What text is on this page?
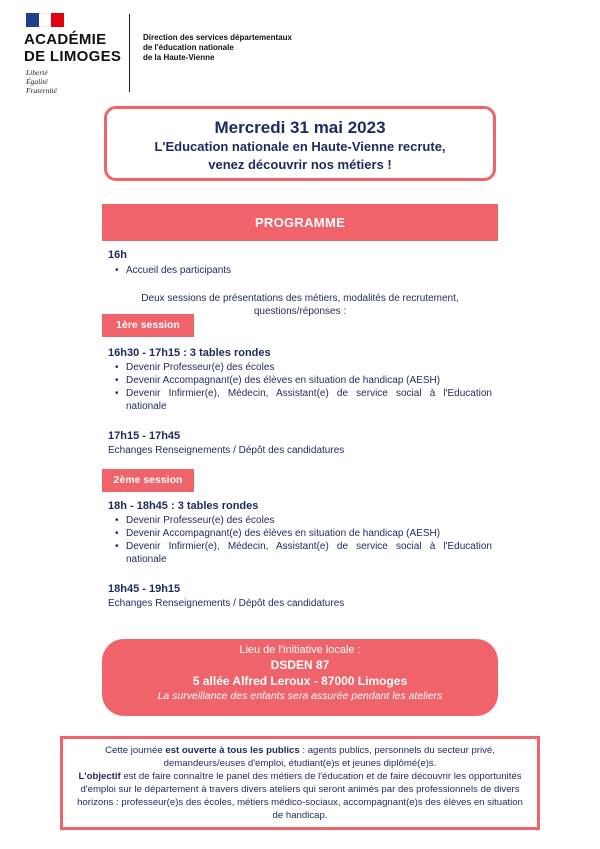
ACADÉMIE
DE LIMOGES
Liberté
Égalité
Fraternité
Direction des services départementaux
de l'éducation nationale
de la Haute-Vienne
Mercredi 31 mai 2023
L'Education nationale en Haute-Vienne recrute,
venez découvrir nos métiers !
PROGRAMME
16h
• Accueil des participants
Deux sessions de présentations des métiers, modalités de recrutement, questions/réponses :
1ère session
16h30 - 17h15 : 3 tables rondes
• Devenir Professeur(e) des écoles
• Devenir Accompagnant(e) des élèves en situation de handicap (AESH)
• Devenir Infirmier(e), Médecin, Assistant(e) de service social à l'Education nationale
17h15 - 17h45
Echanges Renseignements / Dépôt des candidatures
2ème session
18h - 18h45 : 3 tables rondes
• Devenir Professeur(e) des écoles
• Devenir Accompagnant(e) des élèves en situation de handicap (AESH)
• Devenir Infirmier(e), Médecin, Assistant(e) de service social à l'Education nationale
18h45 - 19h15
Echanges Renseignements / Dépôt des candidatures
Lieu de l'initiative locale :
DSDEN 87
5 allée Alfred Leroux - 87000 Limoges
La surveillance des enfants sera assurée pendant les ateliers
Cette journée est ouverte à tous les publics : agents publics, personnels du secteur privé, demandeurs/euses d'emploi, étudiant(e)s et jeunes diplômé(e)s.
L'objectif est de faire connaître le panel des métiers de l'éducation et de faire découvrir les opportunités d'emploi sur le département à travers divers ateliers qui seront animés par des professionnels de divers horizons : professeur(e)s des écoles, métiers médico-sociaux, accompagnant(e)s des élèves en situation de handicap.
